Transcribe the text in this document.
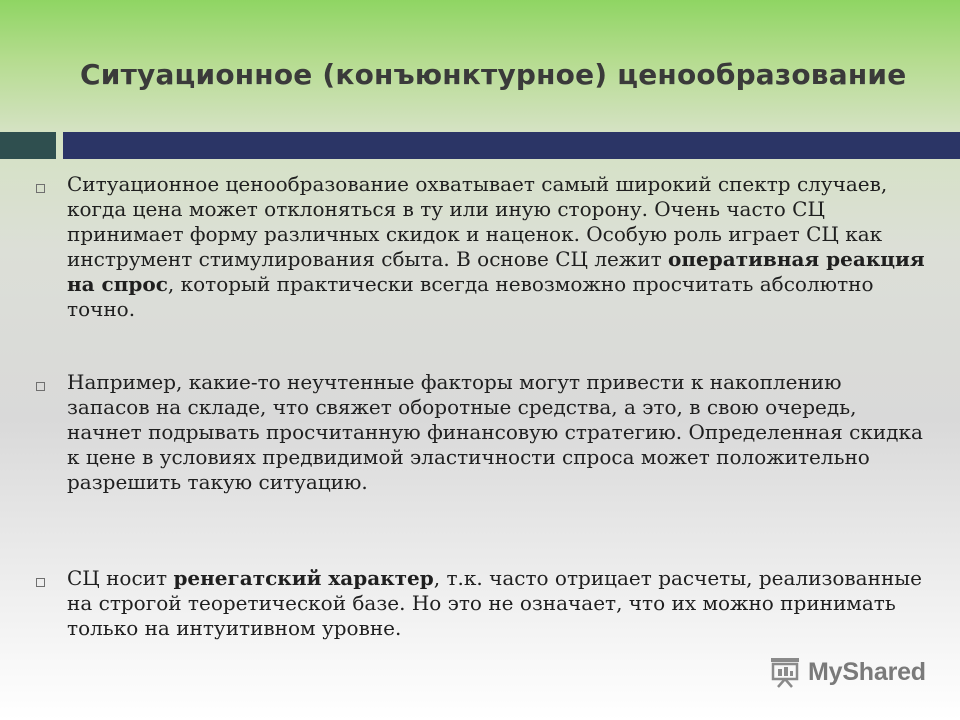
Ситуационное (конъюнктурное) ценообразование
Ситуационное ценообразование охватывает самый широкий спектр случаев, когда цена может отклоняться в ту или иную сторону. Очень часто СЦ принимает форму различных скидок и наценок. Особую роль играет СЦ как инструмент стимулирования сбыта. В основе СЦ лежит оперативная реакция на спрос, который практически всегда невозможно просчитать абсолютно точно.
Например, какие-то неучтенные факторы могут привести к накоплению запасов на складе, что свяжет оборотные средства, а это, в свою очередь, начнет подрывать просчитанную финансовую стратегию. Определенная скидка к цене в условиях предвидимой эластичности спроса может положительно разрешить такую ситуацию.
СЦ носит ренегатский характер, т.к. часто отрицает расчеты, реализованные на строгой теоретической базе. Но это не означает, что их можно принимать только на интуитивном уровне.
MyShared
